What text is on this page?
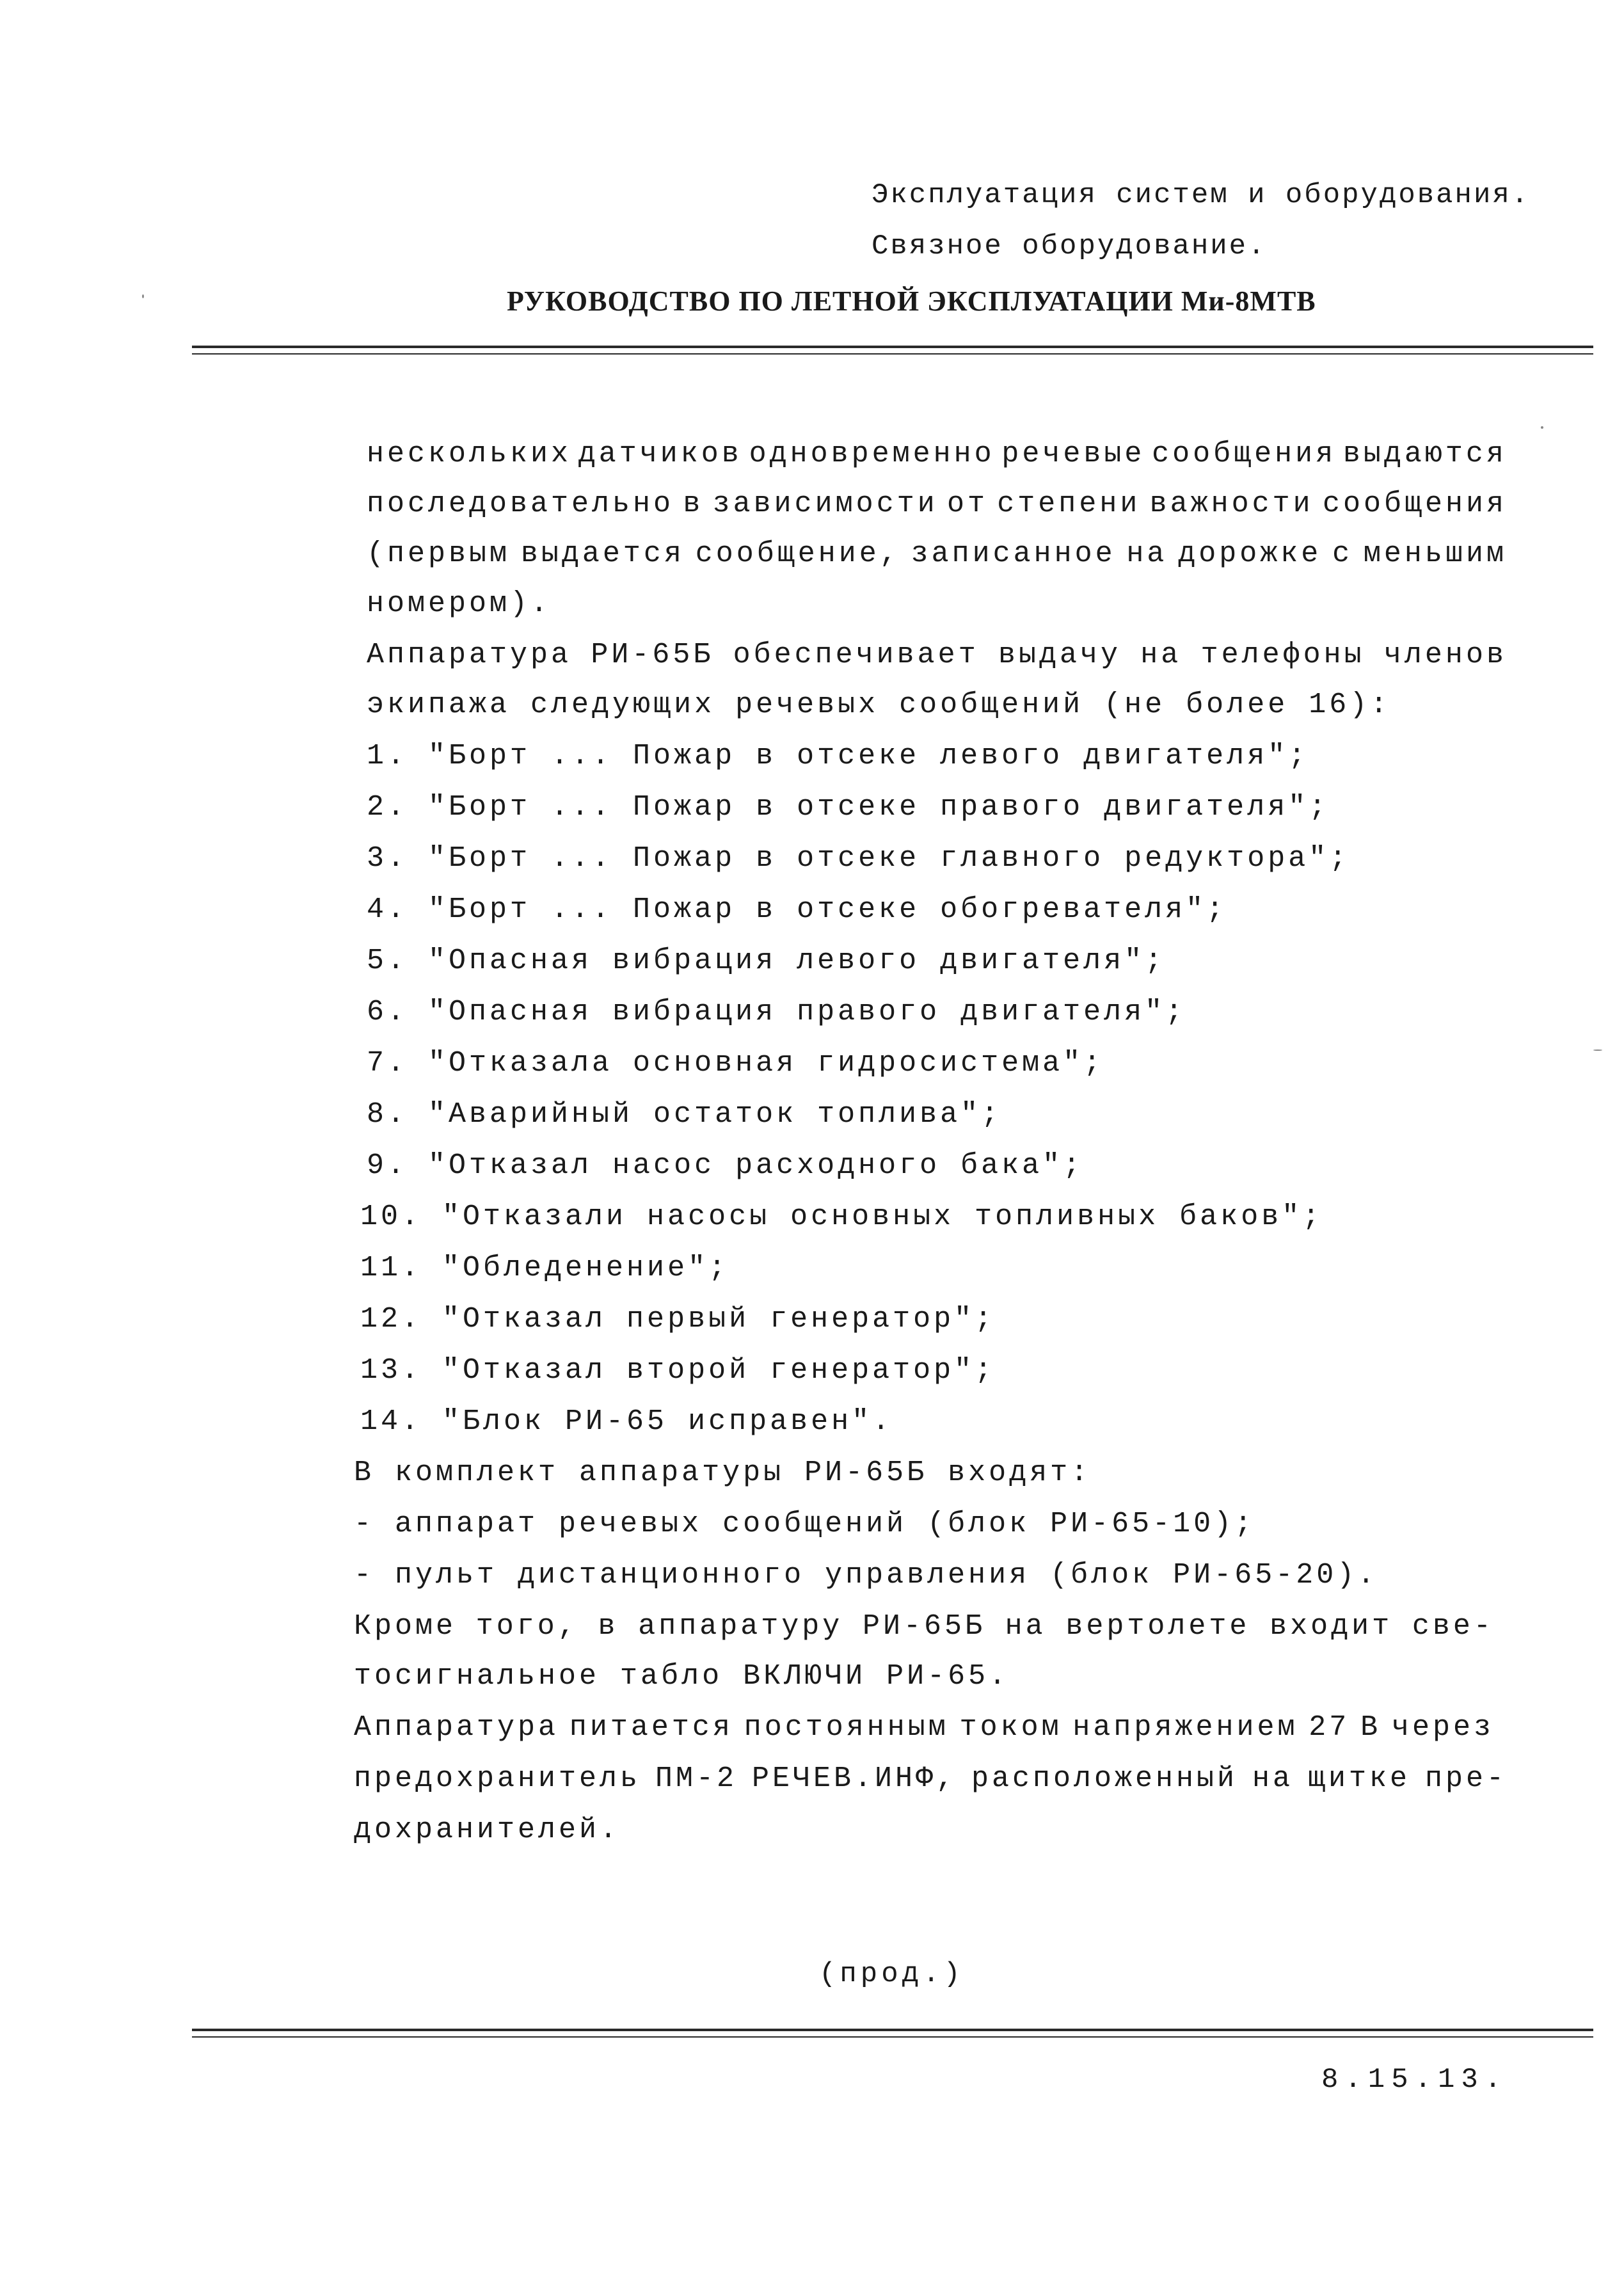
Эксплуатация систем и оборудования.
Связное оборудование.
РУКОВОДСТВО ПО ЛЕТНОЙ ЭКСПЛУАТАЦИИ Ми-8МТВ
нескольких датчиков одновременно речевые сообщения выдаются
последовательно в зависимости от степени важности сообщения
(первым выдается сообщение, записанное на дорожке с меньшим
номером).
Аппаратура РИ-65Б обеспечивает выдачу на телефоны членов
экипажа следующих речевых сообщений (не более 16):
1. "Борт ... Пожар в отсеке левого двигателя";
2. "Борт ... Пожар в отсеке правого двигателя";
3. "Борт ... Пожар в отсеке главного редуктора";
4. "Борт ... Пожар в отсеке обогревателя";
5. "Опасная вибрация левого двигателя";
6. "Опасная вибрация правого двигателя";
7. "Отказала основная гидросистема";
8. "Аварийный остаток топлива";
9. "Отказал насос расходного бака";
10. "Отказали насосы основных топливных баков";
11. "Обледенение";
12. "Отказал первый генератор";
13. "Отказал второй генератор";
14. "Блок РИ-65 исправен".
В комплект аппаратуры РИ-65Б входят:
- аппарат речевых сообщений (блок РИ-65-10);
- пульт дистанционного управления (блок РИ-65-20).
Кроме того, в аппаратуру РИ-65Б на вертолете входит све-
тосигнальное табло ВКЛЮЧИ РИ-65.
Аппаратура питается постоянным током напряжением 27 В через
предохранитель ПМ-2 РЕЧЕВ.ИНФ, расположенный на щитке пре-
дохранителей.
(прод.)
8.15.13.
